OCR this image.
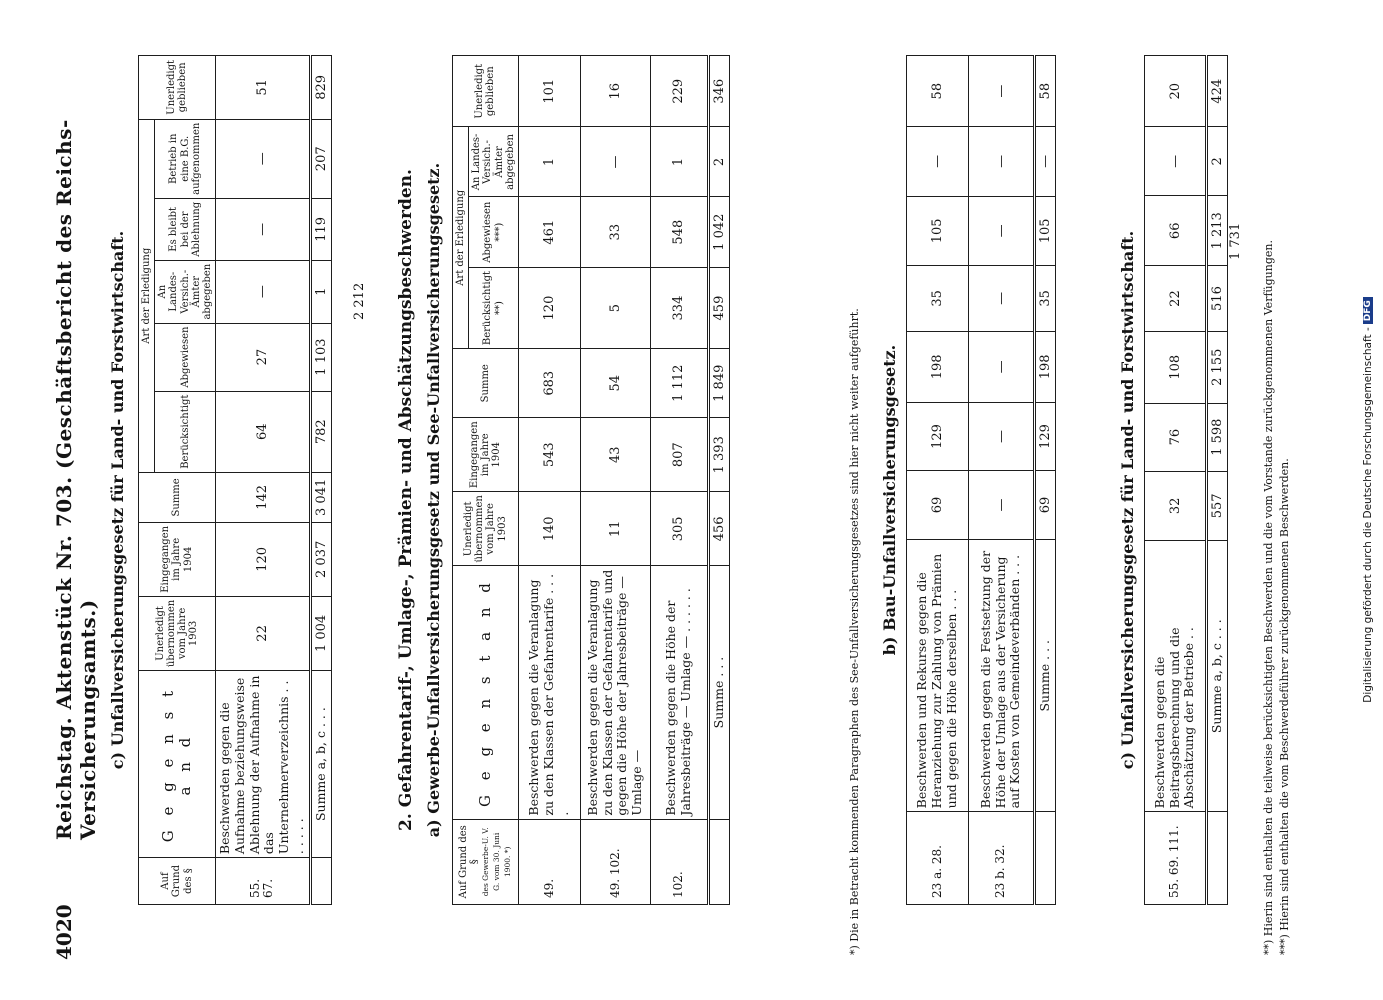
4020
Reichstag. Aktenstück Nr. 703. (Geschäftsbericht des Reichs-Versicherungsamts.) c) Unfallversicherungsgesetz für Land- und Forstwirtschaft.
Auf Grund des §	G e g e n s t a n d	Unerledigt übernommen vom Jahre 1903	Eingegangen im Jahre 1904	Summe	Art der Erledigung					Unerledigt geblieben
					Berücksichtigt	Abgewiesen	An Landes-Versich.-Ämter abgegeben	Es bleibt bei der Ablehnung	Betrieb in eine B.G. aufgenommen	
55. 67.	Beschwerden gegen die Aufnahme beziehungsweise Ablehnung der Aufnahme in das Unternehmerverzeichnis . . . . . . .	22	120	142	64	27	—	—	—	51
	Summe a, b, c . . .	1 004	2 037	3 041	782	1 103	1	119	207	829
2 212 2. Gefahrentarif-, Umlage-, Prämien- und Abschätzungsbeschwerden. a) Gewerbe-Unfallversicherungsgesetz und See-Unfallversicherungsgesetz.
Auf Grund des §
des Gewerbe-U. V. G. vom 30. Juni 1900. *)	G e g e n s t a n d	Unerledigt übernommen vom Jahre 1903	Eingegangen im Jahre 1904	Summe	Art der Erledigung			Unerledigt geblieben
					Berücksichtigt **)	Abgewiesen ***)	An Landes-Versich.-Ämter abgegeben	
49.	Beschwerden gegen die Veranlagung zu den Klassen der Gefahrentarife . . . .	140	543	683	120	461	1	101
49. 102.	Beschwerden gegen die Veranlagung zu den Klassen der Gefahrentarife und gegen die Höhe der Jahresbeiträge — Umlage —	11	43	54	5	33	—	16
102.	Beschwerden gegen die Höhe der Jahresbeiträge — Umlage — . . . . . .	305	807	1 112	334	548	1	229
	Summe . . .	456	1 393	1 849	459	1 042	2	346
*) Die in Betracht kommenden Paragraphen des See-Unfallversicherungsgesetzes sind hier nicht weiter aufgeführt. b) Bau-Unfallversicherungsgesetz.
23 a. 28.	Beschwerden und Rekurse gegen die Heranziehung zur Zahlung von Prämien und gegen die Höhe derselben . . .	69	129	198	35	105	—	58
23 b. 32.	Beschwerden gegen die Festsetzung der Höhe der Umlage aus der Versicherung auf Kosten von Gemeindeverbänden . . .	—	—	—	—	—	—	—
	Summe . . .	69	129	198	35	105	—	58
c) Unfallversicherungsgesetz für Land- und Forstwirtschaft.
55. 69. 111.	Beschwerden gegen die Beitragsberechnung und die Abschätzung der Betriebe . .	32	76	108	22	66	—	20
	Summe a, b, c . . .	557	1 598	2 155	516	1 213	2	424
1 731 **) Hierin sind enthalten die teilweise berücksichtigten Beschwerden und die vom Vorstande zurückgenommenen Verfügungen. ***) Hierin sind enthalten die vom Beschwerdeführer zurückgenommenen Beschwerden.	Digitalisierung gefördert durch die Deutsche Forschungsgemeinschaft -DFG
